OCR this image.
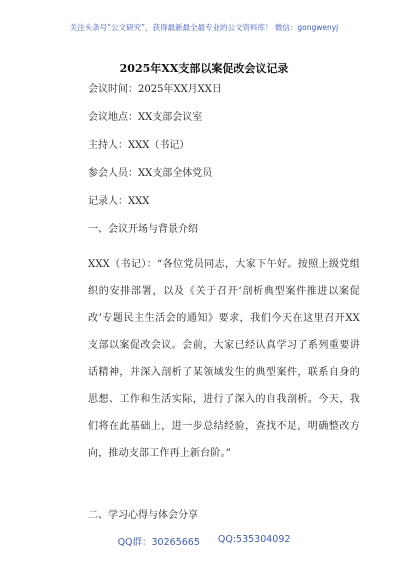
关注头条号“公文研究”，获得最新最全最专业的公文资料库！ 微信：gongwenyj
2025年XX支部以案促改会议记录
会议时间：2025年XX月XX日
会议地点：XX支部会议室
主持人：XXX（书记）
参会人员：XX支部全体党员
记录人：XXX
一、会议开场与背景介绍
XXX（书记）：“各位党员同志，大家下午好。按照上级党组织的安排部署，以及《关于召开‘剖析典型案件推进以案促改’专题民主生活会的通知》要求，我们今天在这里召开XX支部以案促改会议。会前，大家已经认真学习了系列重要讲话精神，并深入剖析了某领域发生的典型案件，联系自身的思想、工作和生活实际，进行了深入的自我剖析。今天，我们将在此基础上，进一步总结经验，查找不足，明确整改方向，推动支部工作再上新台阶。”
二、学习心得与体会分享
QQ群：30265665 QQ:535304092
